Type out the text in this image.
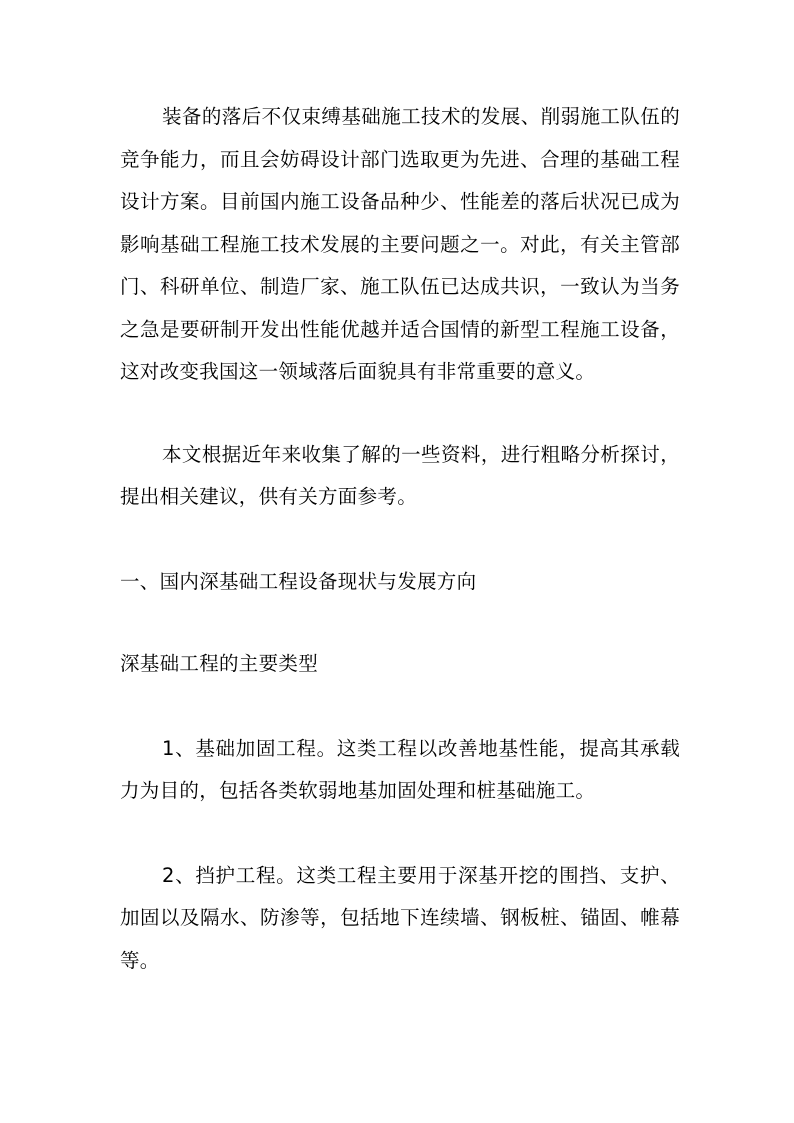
装备的落后不仅束缚基础施工技术的发展、削弱施工队伍的竞争能力，而且会妨碍设计部门选取更为先进、合理的基础工程设计方案。目前国内施工设备品种少、性能差的落后状况已成为影响基础工程施工技术发展的主要问题之一。对此，有关主管部门、科研单位、制造厂家、施工队伍已达成共识，一致认为当务之急是要研制开发出性能优越并适合国情的新型工程施工设备，这对改变我国这一领域落后面貌具有非常重要的意义。

本文根据近年来收集了解的一些资料，进行粗略分析探讨，提出相关建议，供有关方面参考。

一、国内深基础工程设备现状与发展方向

深基础工程的主要类型

1、基础加固工程。这类工程以改善地基性能，提高其承载力为目的，包括各类软弱地基加固处理和桩基础施工。

2、挡护工程。这类工程主要用于深基开挖的围挡、支护、加固以及隔水、防渗等，包括地下连续墙、钢板桩、锚固、帷幕等。
